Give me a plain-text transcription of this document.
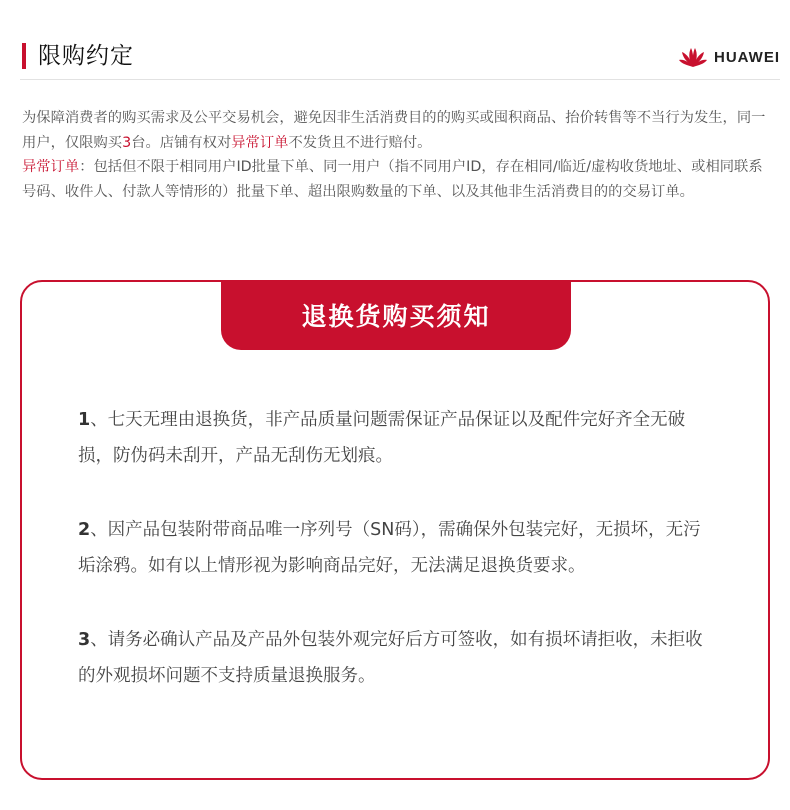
限购约定	HUAWEI

为保障消费者的购买需求及公平交易机会，避免因非生活消费目的的购买或囤积商品、抬价转售等不当行为发生，同一用户，仅限购买3台。店铺有权对异常订单不发货且不进行赔付。

异常订单：包括但不限于相同用户ID批量下单、同一用户（指不同用户ID，存在相同/临近/虚构收货地址、或相同联系号码、收件人、付款人等情形的）批量下单、超出限购数量的下单、以及其他非生活消费目的的交易订单。

退换货购买须知
1、七天无理由退换货，非产品质量问题需保证产品保证以及配件完好齐全无破损，防伪码未刮开，产品无刮伤无划痕。
2、因产品包装附带商品唯一序列号（SN码），需确保外包装完好，无损坏，无污垢涂鸦。如有以上情形视为影响商品完好，无法满足退换货要求。
3、请务必确认产品及产品外包装外观完好后方可签收，如有损坏请拒收，未拒收的外观损坏问题不支持质量退换服务。
